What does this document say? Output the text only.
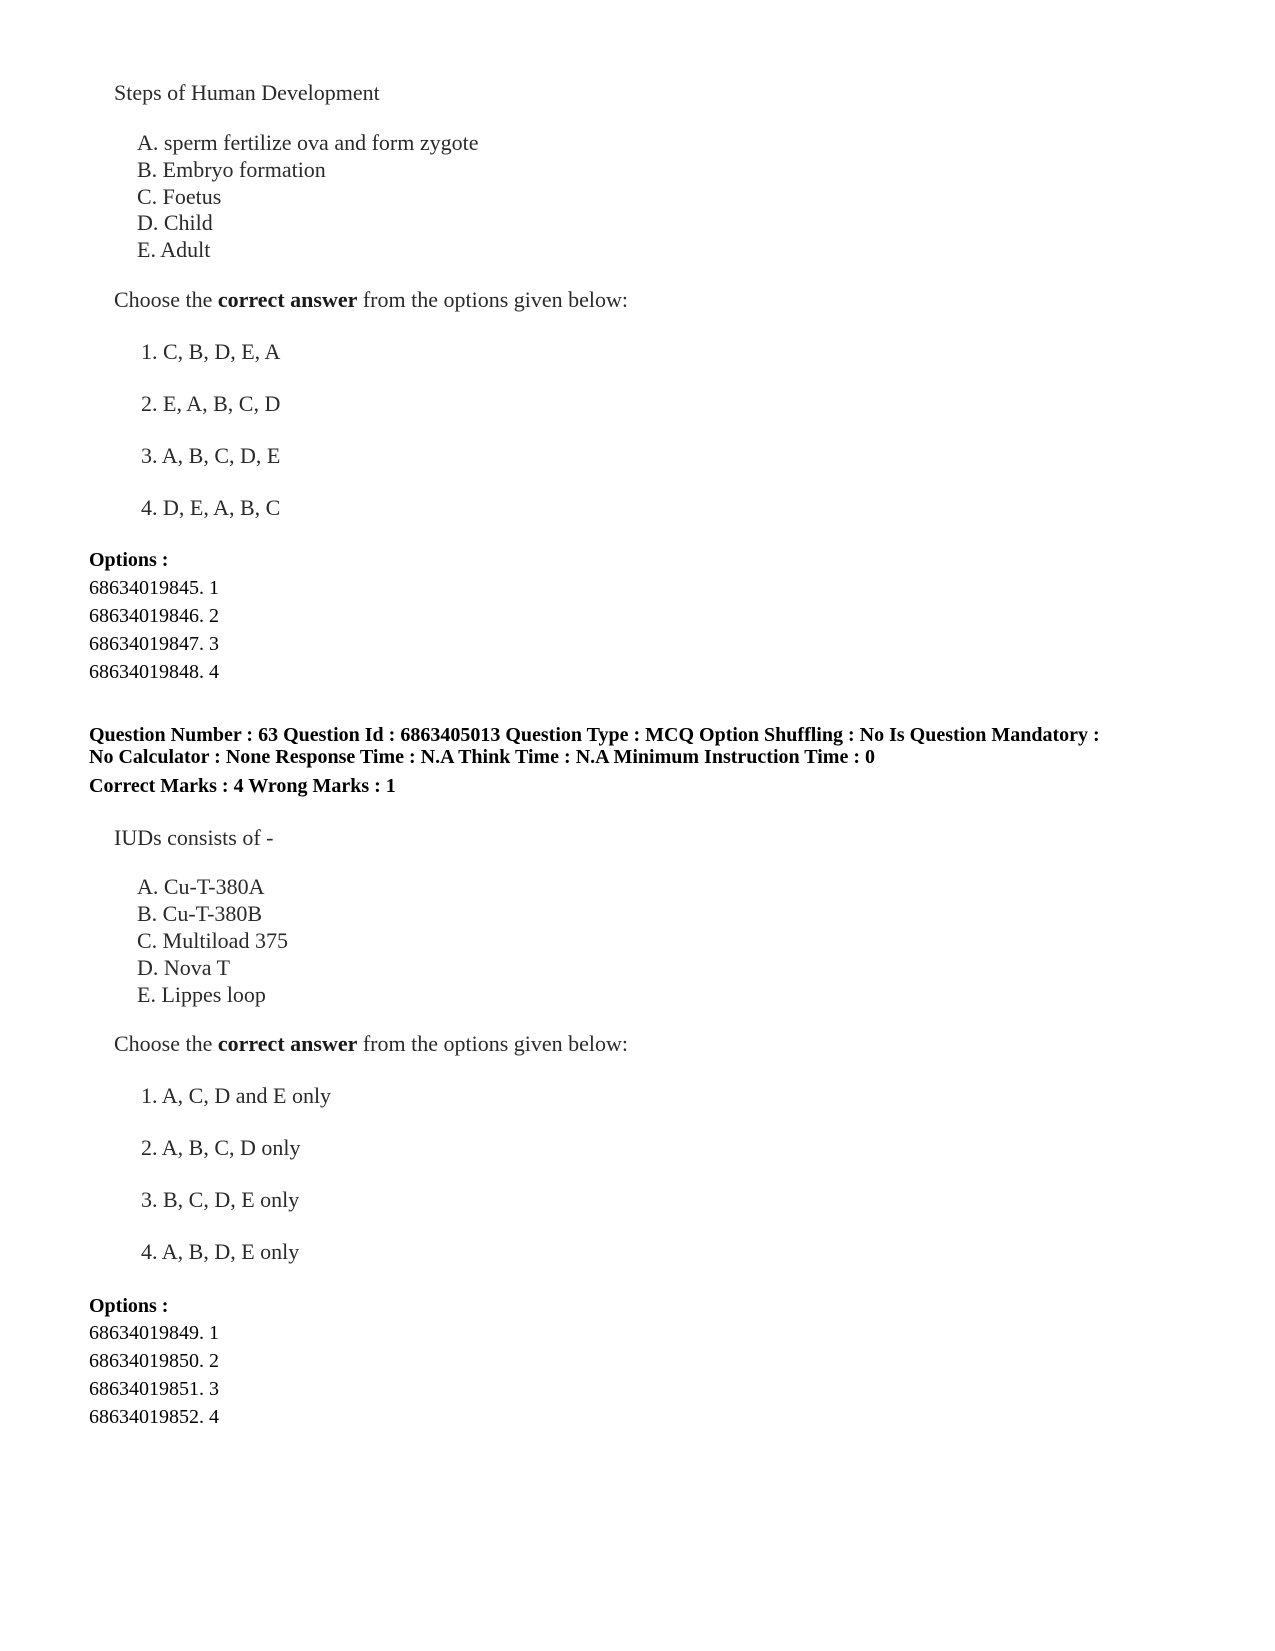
Steps of Human Development
A. sperm fertilize ova and form zygote
B. Embryo formation
C. Foetus
D. Child
E. Adult
Choose the correct answer from the options given below:
1. C, B, D, E, A
2. E, A, B, C, D
3. A, B, C, D, E
4. D, E, A, B, C
Options :
68634019845. 1
68634019846. 2
68634019847. 3
68634019848. 4
Question Number : 63 Question Id : 6863405013 Question Type : MCQ Option Shuffling : No Is Question Mandatory :
No Calculator : None Response Time : N.A Think Time : N.A Minimum Instruction Time : 0
Correct Marks : 4 Wrong Marks : 1
IUDs consists of -
A. Cu-T-380A
B. Cu-T-380B
C. Multiload 375
D. Nova T
E. Lippes loop
Choose the correct answer from the options given below:
1. A, C, D and E only
2. A, B, C, D only
3. B, C, D, E only
4. A, B, D, E only
Options :
68634019849. 1
68634019850. 2
68634019851. 3
68634019852. 4
